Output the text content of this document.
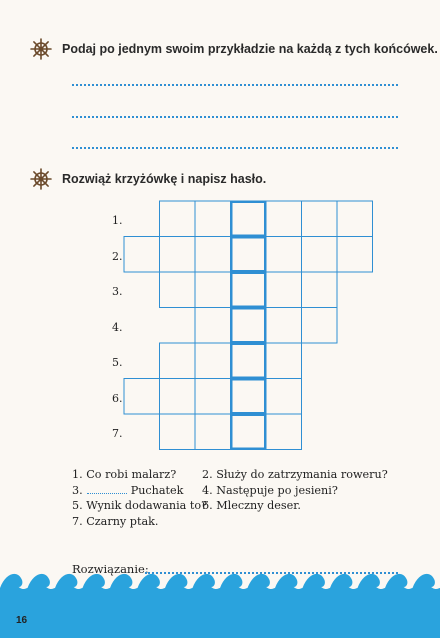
Podaj po jednym swoim przykładzie na każdą z tych końcówek.
Rozwiąż krzyżówkę i napisz hasło.
1.
2.
3.
4.
5.
6.
7.
1. Co robi malarz? 2. Służy do zatrzymania roweru?
3.	Puchatek 4. Następuje po jesieni?
5. Wynik dodawania to?
6. Mleczny deser.
7. Czarny ptak.
Rozwiązanie:
16
